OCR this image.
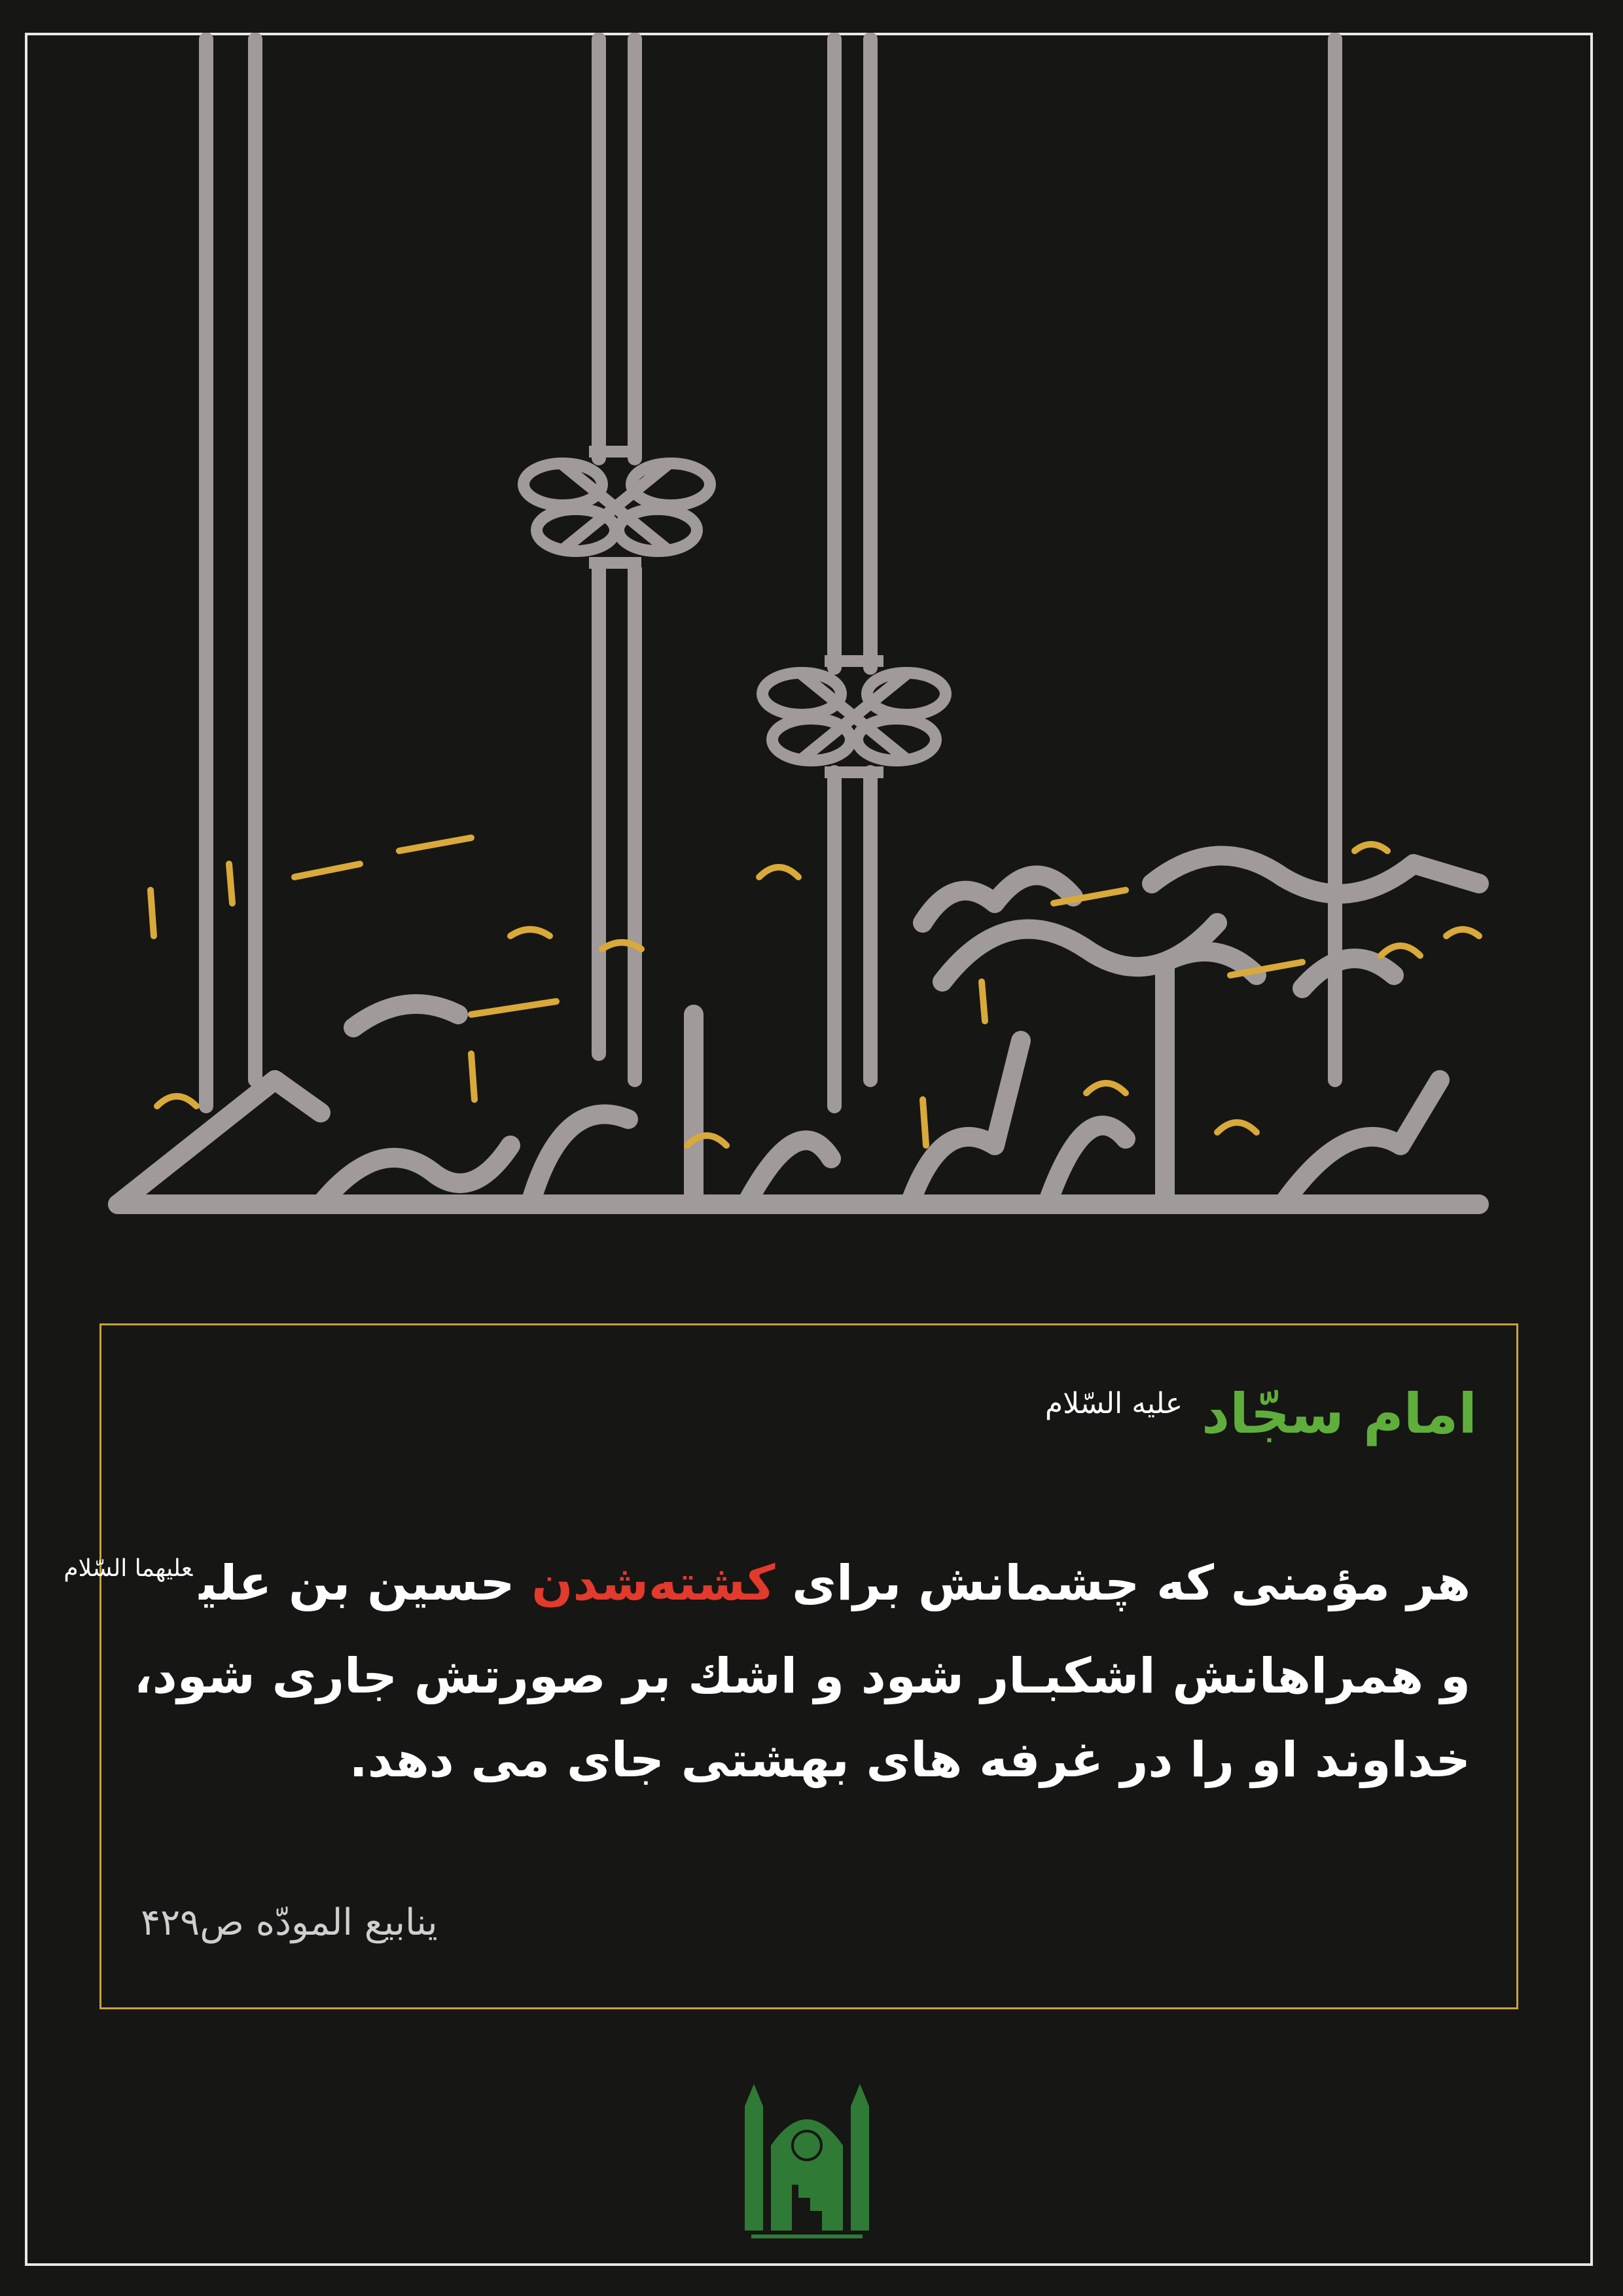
امام سجّاد علیه السّلام
هر مؤمنی که چشمانش برای کشته‌شدن حسین بن علی$^{علیهما السّلام}$
و همراهانش اشکبـار شود و اشك بر صورتش جاری شود،
خداوند او را در غرفه های بهشتی جای می دهد.
ینابیع المودّه ص۴۲۹
